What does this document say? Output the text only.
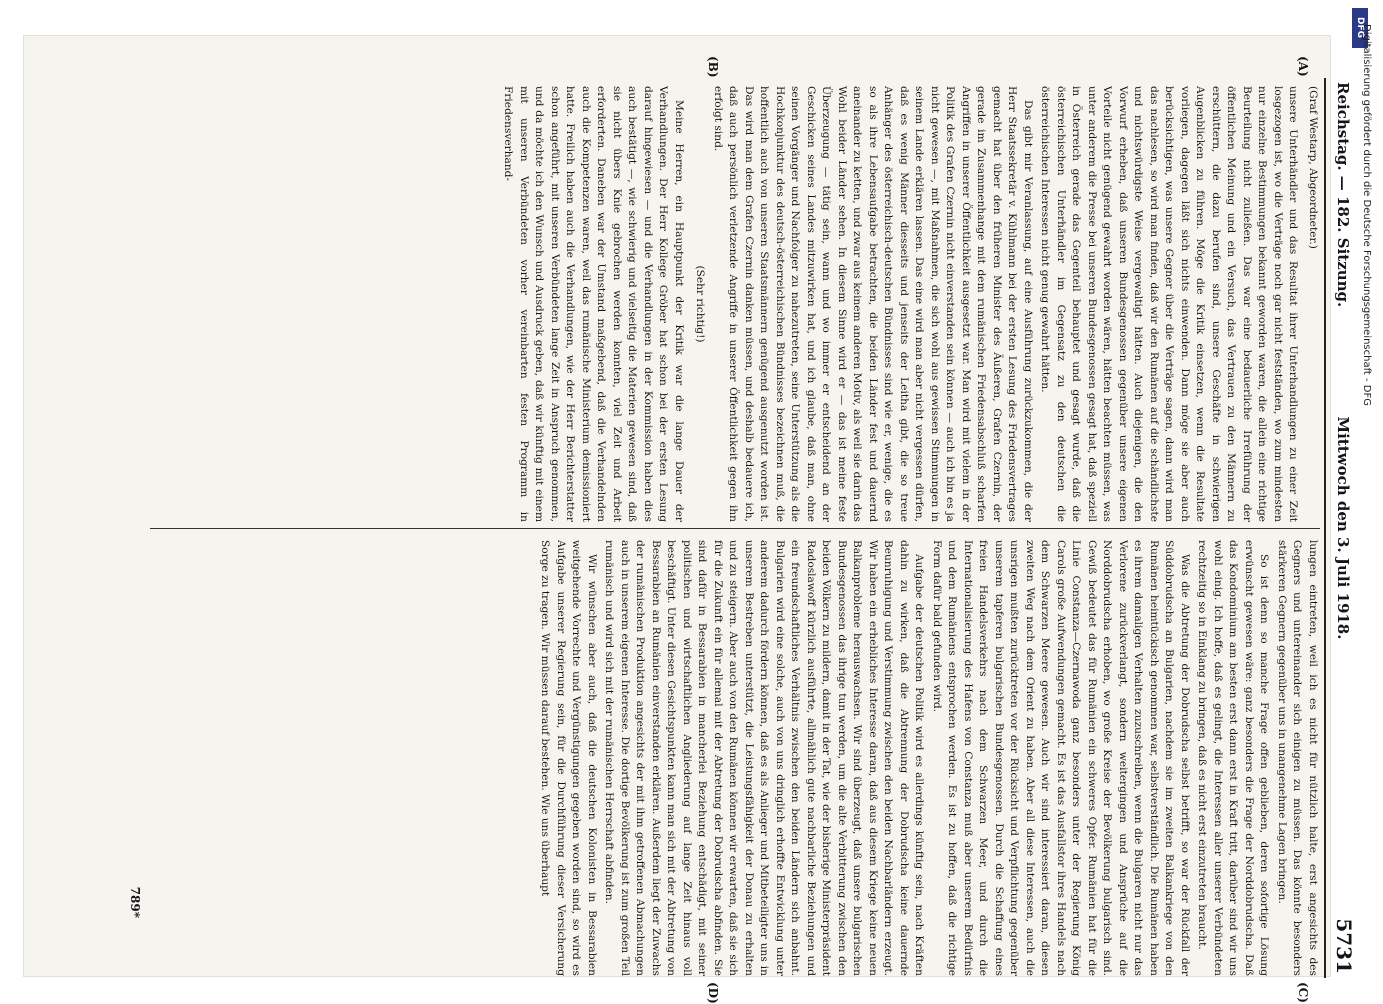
Reichstag. — 182. Sitzung.
Mittwoch den 3. Juli 1918.
5731
(A)
(B)
(C)
(D)

(Graf Westarp, Abgeordneter.)

unsere Unterhändler und das Resultat ihrer Unterhandlungen zu einer Zeit losgezogen ist, wo die Verträge noch gar nicht festständen, wo zum mindesten nur einzelne Bestimmungen bekannt geworden waren, die allein eine richtige Beurteilung nicht zuließen. Das war eine bedauerliche Irreführung der öffentlichen Meinung und ein Versuch, das Vertrauen zu den Männern zu erschüttern, die dazu berufen sind, unsere Geschäfte in schwierigen Augenblicken zu führen. Möge die Kritik einsetzen, wenn die Resultate vorliegen, dagegen läßt sich nichts einwenden. Dann möge sie aber auch berücksichtigen, was unsere Gegner über die Verträge sagen, dann wird man das nachlesen, so wird man finden, daß wir den Rumänen auf die schändlichste und nichtswürdigste Weise vergewaltigt hätten. Auch diejenigen, die den Vorwurf erheben, daß unseren Bundesgenossen gegenüber unsere eigenen Vorteile nicht genügend gewahrt worden wären, hätten beachten müssen, was unter anderem die Presse bei unseren Bundesgenossen gesagt hat, daß speziell in Österreich gerade das Gegenteil behauptet und gesagt wurde, daß die österreichischen Unterhändler im Gegensatz zu den deutschen die österreichischen Interessen nicht genug gewahrt hätten.

Das gibt mir Veranlassung, auf eine Ausführung zurückzukommen, die der Herr Staatssekretär v. Kühlmann bei der ersten Lesung des Friedensvertrages gemacht hat über den früheren Minister des Äußeren, Grafen Czernin, der gerade im Zusammenhange mit dem rumänischen Friedensabschluß scharfen Angriffen in unserer Öffentlichkeit ausgesetzt war. Man wird mit vielem in der Politik des Grafen Czernin nicht einverstanden sein können — auch ich bin es ja nicht gewesen —, mit Maßnahmen, die sich wohl aus gewissen Stimmungen in seinem Lande erklären lassen. Das eine wird man aber nicht vergessen dürfen, daß es wenig Männer diesseits und jenseits der Leitha gibt, die so treue Anhänger des österreichisch-deutschen Bündnisses sind wie er, wenige, die es so als ihre Lebensaufgabe betrachten, die beiden Länder fest und dauernd aneinander zu ketten, und zwar aus keinem anderen Motiv, als weil sie darin das Wohl beider Länder sehen. In diesem Sinne wird er — das ist meine feste Überzeugung — tätig sein, wann und wo immer er entscheidend an der Geschicken seines Landes mitzuwirken hat, und ich glaube, daß man, ohne seinen Vorgänger und Nachfolger zu nahezutreten, seine Unterstützung als die Hochkonjunktur des deutsch-österreichischen Bündnisses bezeichnen muß, die hoffentlich auch von unseren Staatsmännern genügend ausgenutzt worden ist. Das wird man dem Grafen Czernin danken müssen, und deshalb bedauere ich, daß auch persönlich verletzende Angriffe in unserer Öffentlichkeit gegen ihn erfolgt sind.

(Sehr richtig!)

Meine Herren, ein Hauptpunkt der Kritik war die lange Dauer der Verhandlungen. Der Herr Kollege Gröber hat schon bei der ersten Lesung darauf hingewiesen — und die Verhandlungen in der Kommission haben dies auch bestätigt —, wie schwierig und vielseitig die Materien gewesen sind, daß sie nicht übers Knie gebrochen werden konnten, viel Zeit und Arbeit erforderten. Daneben war der Umstand maßgebend, daß die Verhandelnden auch die Kompetenzen waren, weil das rumänische Ministerium demissioniert hatte. Freilich haben auch die Verhandlungen, wie der Herr Berichterstatter schon angeführt, mit unseren Verbündeten lange Zeit in Anspruch genommen, und da möchte ich den Wunsch und Ausdruck geben, daß wir künftig mit einem mit unseren Verbündeten vorher vereinbarten festen Programm in Friedensverhand-

lungen eintreten, weil ich es nicht für nützlich halte, erst angesichts des Gegners und untereinander sich einigen zu müssen. Das könnte besonders stärkeren Gegnern gegenüber uns in unangenehme Lagen bringen.

So ist denn so manche Frage offen geblieben, deren sofortige Lösung erwünscht gewesen wäre: ganz besonders die Frage der Norddobrudscha. Daß das Kondominium am besten erst dann erst in Kraft tritt, darüber sind wir uns wohl einig. Ich hoffe, daß es gelingt, die Interessen aller unserer Verbündeten rechtzeitig so in Einklang zu bringen, daß es nicht erst einzutreten braucht.

Was die Abtretung der Dobrudscha selbst betrifft, so war der Rückfall der Süddobrudscha an Bulgarien, nachdem sie im zweiten Balkankriege von den Rumänen heimtückisch genommen war, selbstverständlich. Die Rumänen haben es ihrem damaligen Verhalten zuzuschreiben, wenn die Bulgaren nicht nur das Verlorene zurückverlangt, sondern weitergingen und Ansprüche auf die Norddobrudscha erhoben, wo große Kreise der Bevölkerung bulgarisch sind. Gewiß bedeutet das für Rumänien ein schweres Opfer. Rumänien hat für die Linie Constanza—Czernawoda ganz besonders unter der Regierung König Carols große Aufwendungen gemacht. Es ist das Ausfallstor ihres Handels nach dem Schwarzen Meere gewesen. Auch wir sind interessiert daran, diesen zweiten Weg nach dem Orient zu haben. Aber all diese Interessen, auch die unsrigen mußten zurücktreten vor der Rücksicht und Verpflichtung gegenüber unserem tapferen bulgarischen Bundesgenossen. Durch die Schaffung eines freien Handelsverkehrs nach dem Schwarzen Meer, und durch die Internationalisierung des Hafens von Constanza muß aber unserem Bedürfnis und dem Rumäniens entsprochen werden. Es ist zu hoffen, daß die richtige Form dafür bald gefunden wird.

Aufgabe der deutschen Politik wird es allerdings künftig sein, nach Kräften dahin zu wirken, daß die Abtrennung der Dobrudscha keine dauernde Beunruhigung und Verstimmung zwischen den beiden Nachbarländern erzeugt. Wir haben ein erhebliches Interesse daran, daß aus diesem Kriege keine neuen Balkanprobleme herauswachsen. Wir sind überzeugt, daß unsere bulgarischen Bundesgenossen das ihrige tun werden, um die alte Verbitterung zwischen den beiden Völkern zu mildern, damit in der Tat, wie der bisherige Ministerpräsident Radoslawoff kürzlich ausführte, allmählich gute nachbarliche Beziehungen und ein freundschaftliches Verhältnis zwischen den beiden Ländern sich anbahnt. Bulgarien wird eine solche, auch von uns dringlich erhoffte Entwicklung unter anderem dadurch fördern können, daß es als Anlieger und Mitbeteiligter uns in unserem Bestreben unterstützt, die Leistungsfähigkeit der Donau zu erhalten und zu steigern. Aber auch von den Rumänen können wir erwarten, daß sie sich für die Zukunft ein für allemal mit der Abtretung der Dobrudscha abfinden. Sie sind dafür in Bessarabien in mancherlei Beziehung entschädigt, mit seiner politischen und wirtschaftlichen Angliederung auf lange Zeit hinaus voll beschäftigt. Unter diesen Gesichtspunkten kann man sich mit der Abtretung von Bessarabien an Rumänien einverstanden erklären. Außerdem liegt der Zuwachs der rumänischen Produktion angesichts der mit ihm getroffenen Abmachungen auch in unserem eigenen Interesse. Die dortige Bevölkerung ist zum großen Teil rumänisch und wird sich mit der rumänischen Herrschaft abfinden.

Wir wünschen aber auch, daß die deutschen Kolonisten in Bessarabien weitgehende Vorrechte und Vergünstigungen gegeben worden sind, so wird es Aufgabe unserer Regierung sein, für die Durchführung dieser Versicherung Sorge zu tragen. Wir müssen darauf bestehen. Wie uns überhaupt

789*
DFG
Digitalisierung gefördert durch die Deutsche Forschungsgemeinschaft - DFG
